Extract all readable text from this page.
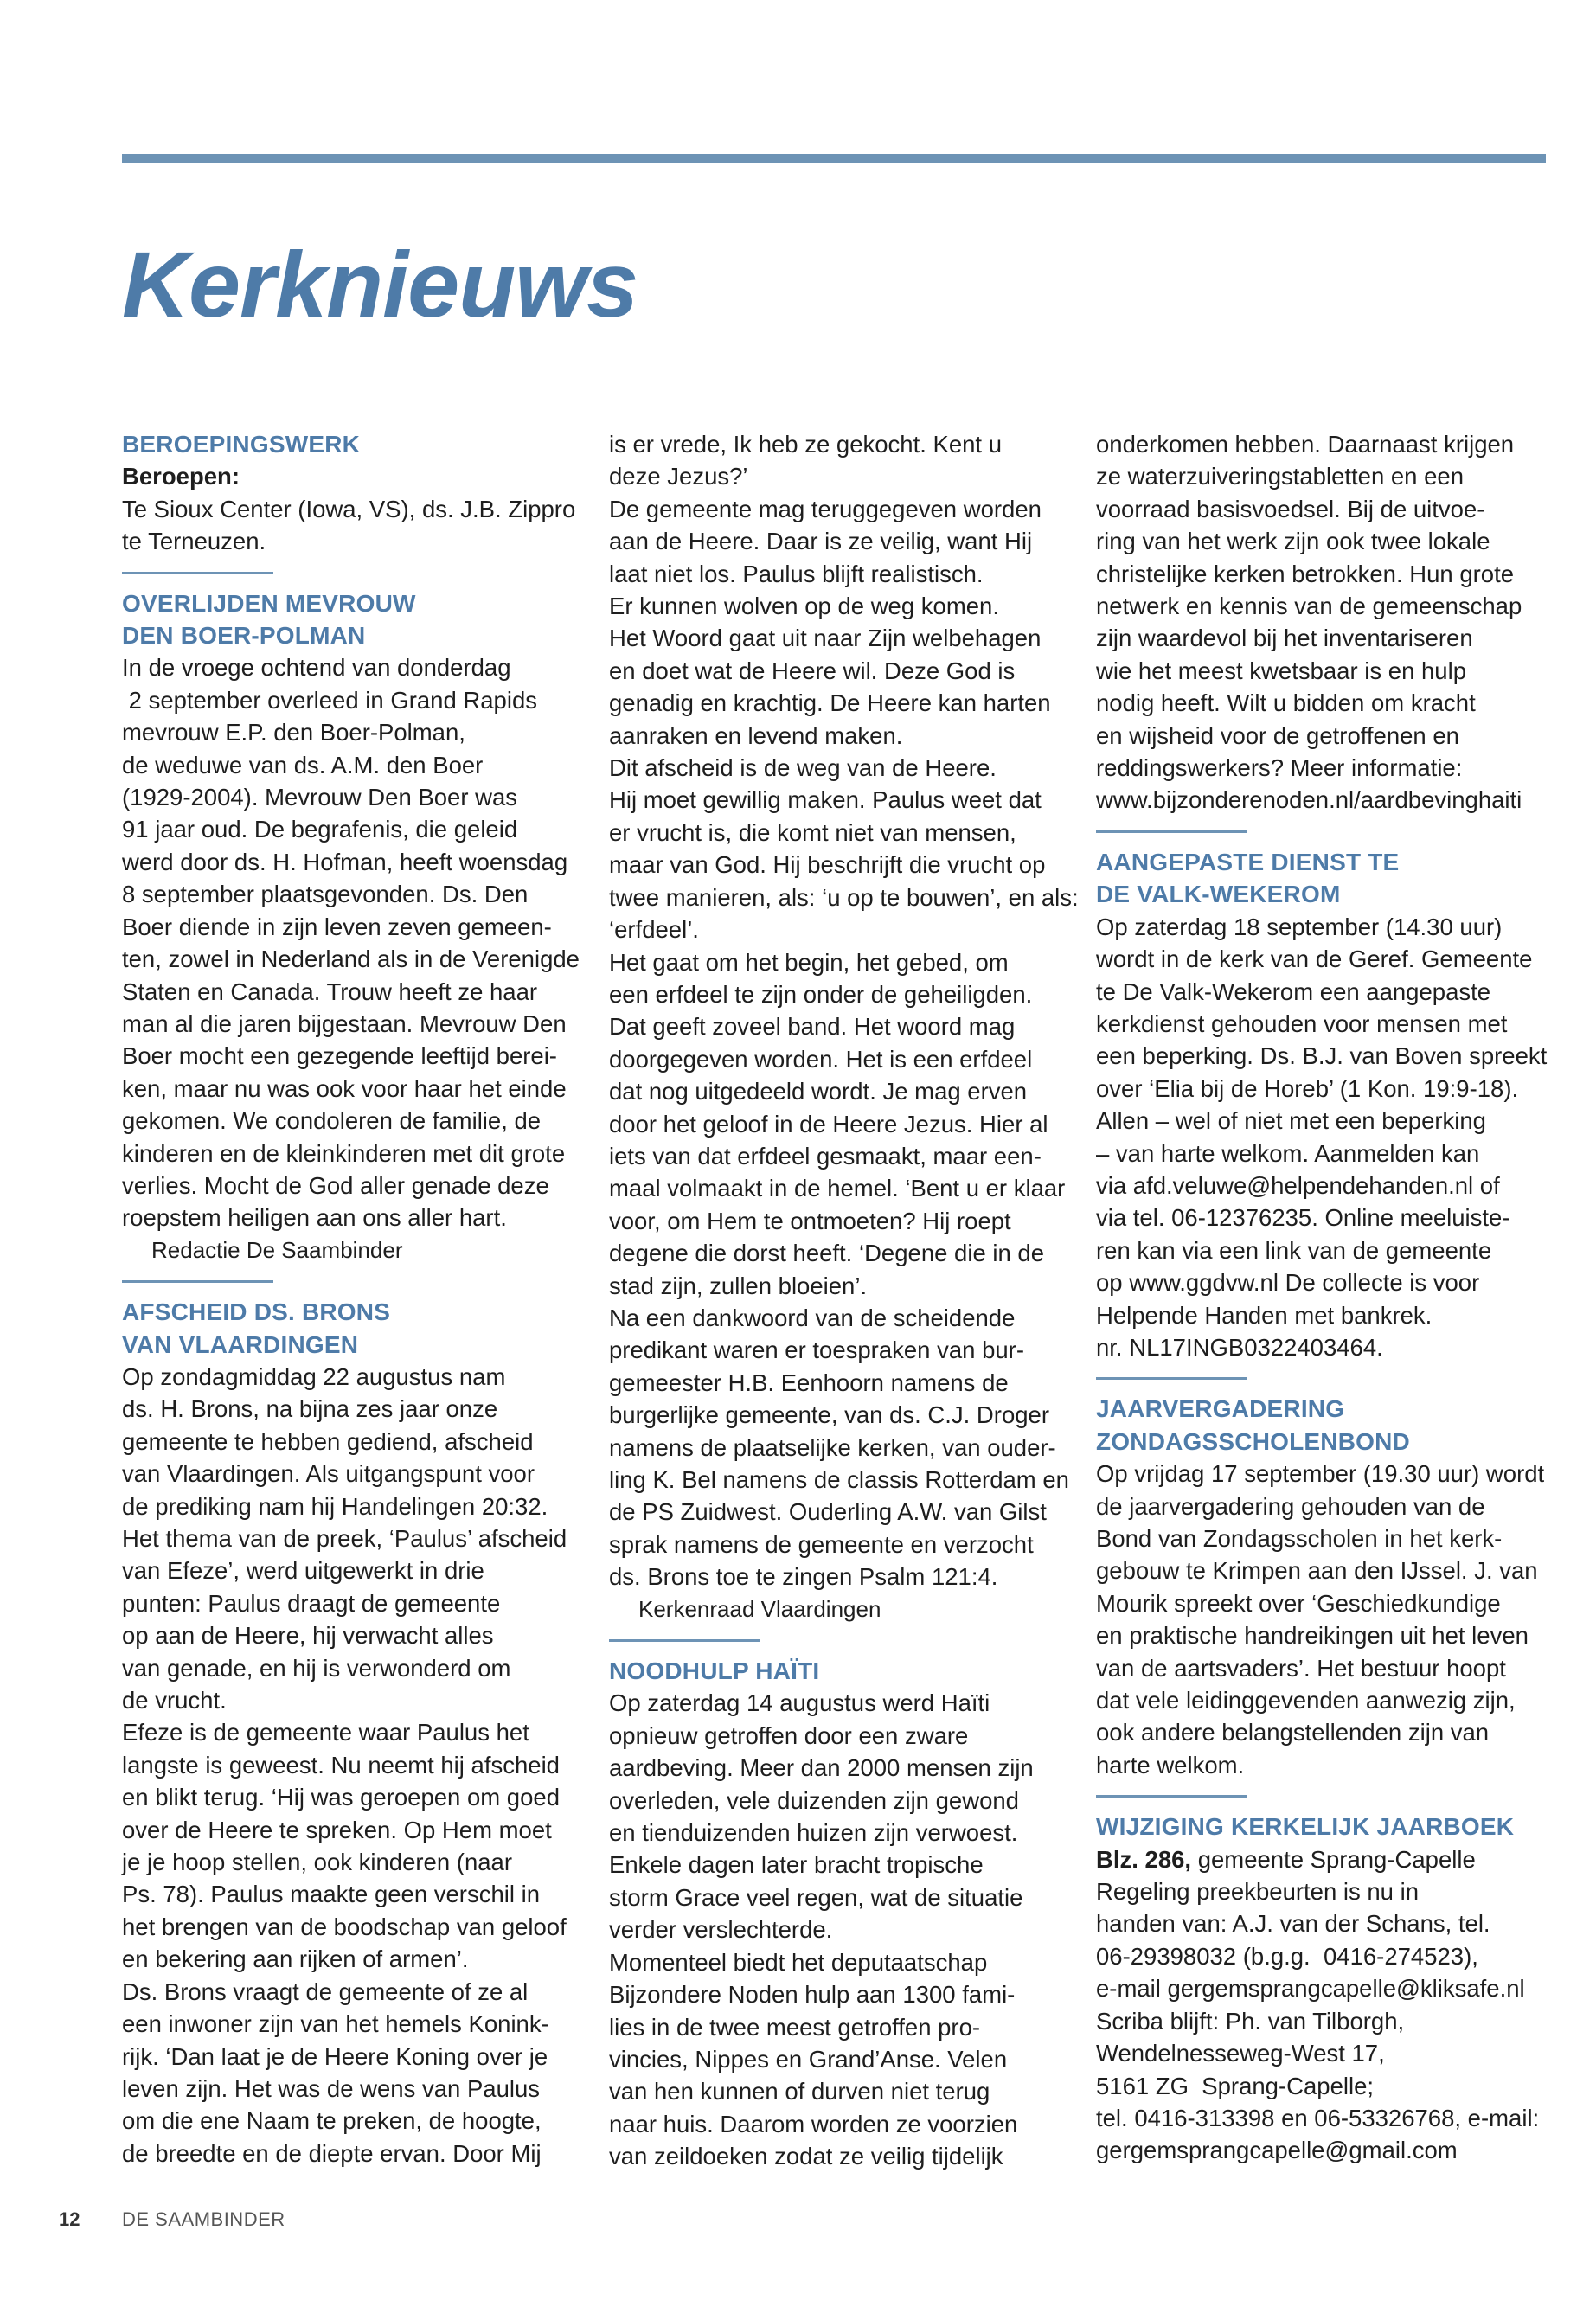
Kerknieuws
BEROEPINGSWERK

Beroepen:

Te Sioux Center (Iowa, VS), ds. J.B. Zippro
te Terneuzen.
OVERLIJDEN MEVROUW
DEN BOER-POLMAN
In de vroege ochtend van donderdag
2 september overleed in Grand Rapids
mevrouw E.P. den Boer-Polman,
de weduwe van ds. A.M. den Boer
(1929-2004). Mevrouw Den Boer was
91 jaar oud. De begrafenis, die geleid
werd door ds. H. Hofman, heeft woensdag
8 september plaatsgevonden. Ds. Den
Boer diende in zijn leven zeven gemeen-
ten, zowel in Nederland als in de Verenigde
Staten en Canada. Trouw heeft ze haar
man al die jaren bijgestaan. Mevrouw Den
Boer mocht een gezegende leeftijd berei-
ken, maar nu was ook voor haar het einde
gekomen. We condoleren de familie, de
kinderen en de kleinkinderen met dit grote
verlies. Mocht de God aller genade deze
roepstem heiligen aan ons aller hart.

Redactie De Saambinder

AFSCHEID DS. BRONS
VAN VLAARDINGEN
Op zondagmiddag 22 augustus nam
ds. H. Brons, na bijna zes jaar onze
gemeente te hebben gediend, afscheid
van Vlaardingen. Als uitgangspunt voor
de prediking nam hij Handelingen 20:32.
Het thema van de preek, ‘Paulus’ afscheid
van Efeze’, werd uitgewerkt in drie
punten: Paulus draagt de gemeente
op aan de Heere, hij verwacht alles
van genade, en hij is verwonderd om
de vrucht.
Efeze is de gemeente waar Paulus het
langste is geweest. Nu neemt hij afscheid
en blikt terug. ‘Hij was geroepen om goed
over de Heere te spreken. Op Hem moet
je je hoop stellen, ook kinderen (naar
Ps. 78). Paulus maakte geen verschil in
het brengen van de boodschap van geloof
en bekering aan rijken of armen’.
Ds. Brons vraagt de gemeente of ze al
een inwoner zijn van het hemels Konink-
rijk. ‘Dan laat je de Heere Koning over je
leven zijn. Het was de wens van Paulus
om die ene Naam te preken, de hoogte,
de breedte en de diepte ervan. Door Mij
is er vrede, Ik heb ze gekocht. Kent u
deze Jezus?’
De gemeente mag teruggegeven worden
aan de Heere. Daar is ze veilig, want Hij
laat niet los. Paulus blijft realistisch.
Er kunnen wolven op de weg komen.
Het Woord gaat uit naar Zijn welbehagen
en doet wat de Heere wil. Deze God is
genadig en krachtig. De Heere kan harten
aanraken en levend maken.
Dit afscheid is de weg van de Heere.
Hij moet gewillig maken. Paulus weet dat
er vrucht is, die komt niet van mensen,
maar van God. Hij beschrijft die vrucht op
twee manieren, als: ‘u op te bouwen’, en als:
‘erfdeel’.
Het gaat om het begin, het gebed, om
een erfdeel te zijn onder de geheiligden.
Dat geeft zoveel band. Het woord mag
doorgegeven worden. Het is een erfdeel
dat nog uitgedeeld wordt. Je mag erven
door het geloof in de Heere Jezus. Hier al
iets van dat erfdeel gesmaakt, maar een-
maal volmaakt in de hemel. ‘Bent u er klaar
voor, om Hem te ontmoeten? Hij roept
degene die dorst heeft. ‘Degene die in de
stad zijn, zullen bloeien’.
Na een dankwoord van de scheidende
predikant waren er toespraken van bur-
gemeester H.B. Eenhoorn namens de
burgerlijke gemeente, van ds. C.J. Droger
namens de plaatselijke kerken, van ouder-
ling K. Bel namens de classis Rotterdam en
de PS Zuidwest. Ouderling A.W. van Gilst
sprak namens de gemeente en verzocht
ds. Brons toe te zingen Psalm 121:4.

Kerkenraad Vlaardingen

NOODHULP HAÏTI
Op zaterdag 14 augustus werd Haïti
opnieuw getroffen door een zware
aardbeving. Meer dan 2000 mensen zijn
overleden, vele duizenden zijn gewond
en tienduizenden huizen zijn verwoest.
Enkele dagen later bracht tropische
storm Grace veel regen, wat de situatie
verder verslechterde.
Momenteel biedt het deputaatschap
Bijzondere Noden hulp aan 1300 fami-
lies in de twee meest getroffen pro-
vincies, Nippes en Grand’Anse. Velen
van hen kunnen of durven niet terug
naar huis. Daarom worden ze voorzien
van zeildoeken zodat ze veilig tijdelijk
onderkomen hebben. Daarnaast krijgen
ze waterzuiveringstabletten en een
voorraad basisvoedsel. Bij de uitvoe-
ring van het werk zijn ook twee lokale
christelijke kerken betrokken. Hun grote
netwerk en kennis van de gemeenschap
zijn waardevol bij het inventariseren
wie het meest kwetsbaar is en hulp
nodig heeft. Wilt u bidden om kracht
en wijsheid voor de getroffenen en
reddingswerkers? Meer informatie:
www.bijzonderenoden.nl/aardbevinghaiti
AANGEPASTE DIENST TE
DE VALK-WEKEROM
Op zaterdag 18 september (14.30 uur)
wordt in de kerk van de Geref. Gemeente
te De Valk-Wekerom een aangepaste
kerkdienst gehouden voor mensen met
een beperking. Ds. B.J. van Boven spreekt
over ‘Elia bij de Horeb’ (1 Kon. 19:9-18).
Allen – wel of niet met een beperking
– van harte welkom. Aanmelden kan
via afd.veluwe@helpendehanden.nl of
via tel. 06-12376235. Online meeluiste-
ren kan via een link van de gemeente
op www.ggdvw.nl De collecte is voor
Helpende Handen met bankrek.
nr. NL17INGB0322403464.
JAARVERGADERING
ZONDAGSSCHOLENBOND
Op vrijdag 17 september (19.30 uur) wordt
de jaarvergadering gehouden van de
Bond van Zondagsscholen in het kerk-
gebouw te Krimpen aan den IJssel. J. van
Mourik spreekt over ‘Geschiedkundige
en praktische handreikingen uit het leven
van de aartsvaders’. Het bestuur hoopt
dat vele leidinggevenden aanwezig zijn,
ook andere belangstellenden zijn van
harte welkom.
WIJZIGING KERKELIJK JAARBOEK

Blz. 286, gemeente Sprang-Capelle

Regeling preekbeurten is nu in
handen van: A.J. van der Schans, tel.
06-29398032 (b.g.g.  0416-274523),
e-mail gergemsprangcapelle@kliksafe.nl
Scriba blijft: Ph. van Tilborgh,
Wendelnesseweg-West 17,
5161 ZG  Sprang-Capelle;
tel. 0416-313398 en 06-53326768, e-mail:
gergemsprangcapelle@gmail.com
12 DE SAAMBINDER
